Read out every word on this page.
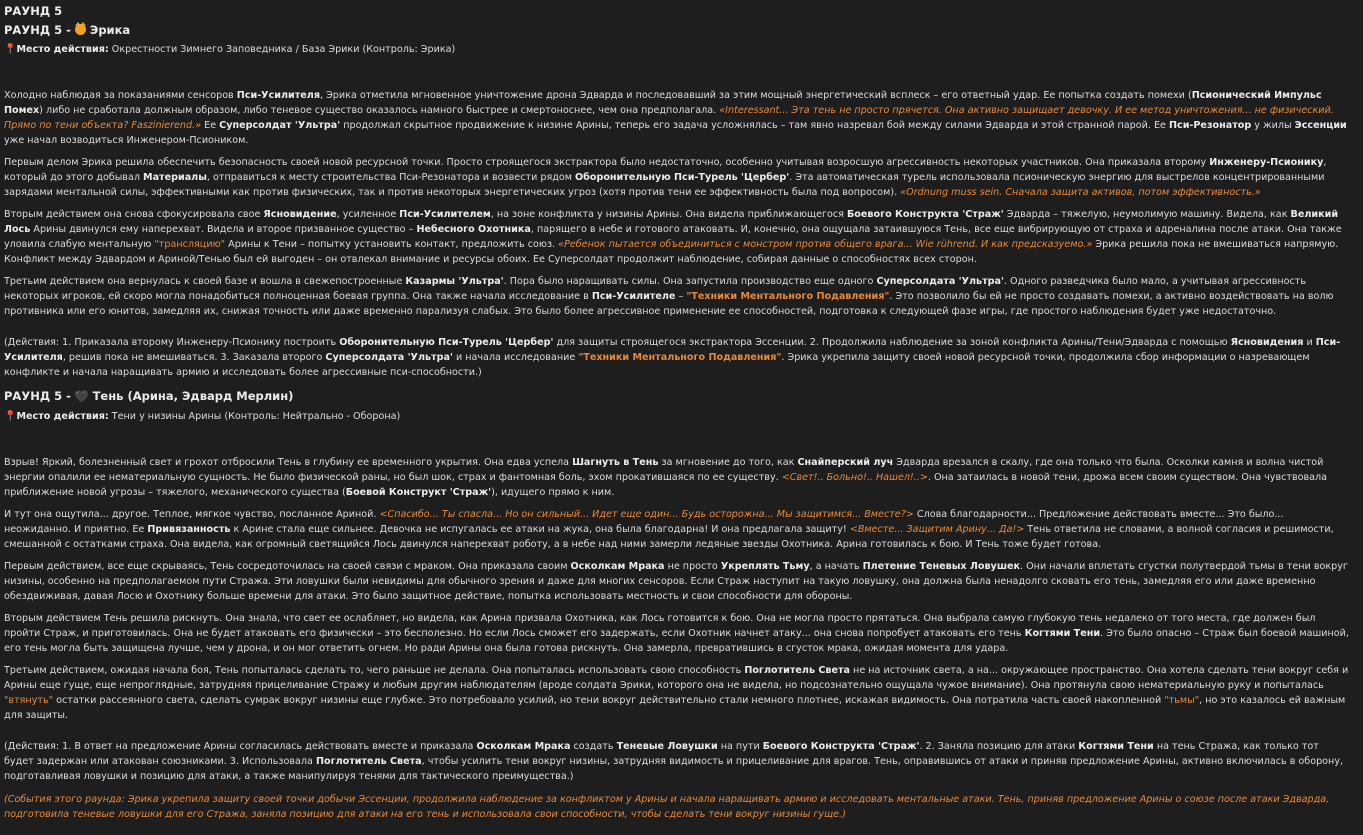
РАУНД 5
РАУНД 5 - Эрика
📍Место действия: Окрестности Зимнего Заповедника / База Эрики (Контроль: Эрика)

Холодно наблюдая за показаниями сенсоров Пси-Усилителя, Эрика отметила мгновенное уничтожение дрона Эдварда и последовавший за этим мощный энергетический всплеск – его ответный удар. Ее попытка создать помехи (Псионический Импульс Помех) либо не сработала должным образом, либо теневое существо оказалось намного быстрее и смертоноснее, чем она предполагала. «Interessant... Эта тень не просто прячется. Она активно защищает девочку. И ее метод уничтожения... не физический. Прямо по тени объекта? Faszinierend.» Ее Суперсолдат 'Ультра' продолжал скрытное продвижение к низине Арины, теперь его задача усложнялась – там явно назревал бой между силами Эдварда и этой странной парой. Ее Пси-Резонатор у жилы Эссенции уже начал возводиться Инженером-Псиоником.

Первым делом Эрика решила обеспечить безопасность своей новой ресурсной точки. Просто строящегося экстрактора было недостаточно, особенно учитывая возросшую агрессивность некоторых участников. Она приказала второму Инженеру-Псионику, который до этого добывал Материалы, отправиться к месту строительства Пси-Резонатора и возвести рядом Оборонительную Пси-Турель 'Цербер'. Эта автоматическая турель использовала псионическую энергию для выстрелов концентрированными зарядами ментальной силы, эффективными как против физических, так и против некоторых энергетических угроз (хотя против тени ее эффективность была под вопросом). «Ordnung muss sein. Сначала защита активов, потом эффективность.»

Вторым действием она снова сфокусировала свое Ясновидение, усиленное Пси-Усилителем, на зоне конфликта у низины Арины. Она видела приближающегося Боевого Конструкта 'Страж' Эдварда – тяжелую, неумолимую машину. Видела, как Великий Лось Арины двинулся ему наперехват. Видела и второе призванное существо – Небесного Охотника, парящего в небе и готового атаковать. И, конечно, она ощущала затаившуюся Тень, все еще вибрирующую от страха и адреналина после атаки. Она также уловила слабую ментальную "трансляцию" Арины к Тени – попытку установить контакт, предложить союз. «Ребенок пытается объединиться с монстром против общего врага... Wie rührend. И как предсказуемо.» Эрика решила пока не вмешиваться напрямую. Конфликт между Эдвардом и Ариной/Тенью был ей выгоден – он отвлекал внимание и ресурсы обоих. Ее Суперсолдат продолжит наблюдение, собирая данные о способностях всех сторон.

Третьим действием она вернулась к своей базе и вошла в свежепостроенные Казармы 'Ультра'. Пора было наращивать силы. Она запустила производство еще одного Суперсолдата 'Ультра'. Одного разведчика было мало, а учитывая агрессивность некоторых игроков, ей скоро могла понадобиться полноценная боевая группа. Она также начала исследование в Пси-Усилителе – "Техники Ментального Подавления". Это позволило бы ей не просто создавать помехи, а активно воздействовать на волю противника или его юнитов, замедляя их, снижая точность или даже временно парализуя слабых. Это было более агрессивное применение ее способностей, подготовка к следующей фазе игры, где простого наблюдения будет уже недостаточно.

(Действия: 1. Приказала второму Инженеру-Псионику построить Оборонительную Пси-Турель 'Цербер' для защиты строящегося экстрактора Эссенции. 2. Продолжила наблюдение за зоной конфликта Арины/Тени/Эдварда с помощью Ясновидения и Пси-Усилителя, решив пока не вмешиваться. 3. Заказала второго Суперсолдата 'Ультра' и начала исследование "Техники Ментального Подавления". Эрика укрепила защиту своей новой ресурсной точки, продолжила сбор информации о назревающем конфликте и начала наращивать армию и исследовать более агрессивные пси-способности.)

РАУНД 5 - 🖤 Тень (Арина, Эдвард Мерлин)
📍Место действия: Тени у низины Арины (Контроль: Нейтрально - Оборона)

Взрыв! Яркий, болезненный свет и грохот отбросили Тень в глубину ее временного укрытия. Она едва успела Шагнуть в Тень за мгновение до того, как Снайперский луч Эдварда врезался в скалу, где она только что была. Осколки камня и волна чистой энергии опалили ее нематериальную сущность. Не было физической раны, но был шок, страх и фантомная боль, эхом прокатившаяся по ее существу. <Свет!.. Больно!.. Нашел!..>. Она затаилась в новой тени, дрожа всем своим существом. Она чувствовала приближение новой угрозы – тяжелого, механического существа (Боевой Конструкт 'Страж'), идущего прямо к ним.

И тут она ощутила... другое. Теплое, мягкое чувство, посланное Ариной. <Спасибо... Ты спасла... Но он сильный... Идет еще один... Будь осторожна... Мы защитимся... Вместе?> Слова благодарности... Предложение действовать вместе... Это было... неожиданно. И приятно. Ее Привязанность к Арине стала еще сильнее. Девочка не испугалась ее атаки на жука, она была благодарна! И она предлагала защиту! <Вместе... Защитим Арину... Да!> Тень ответила не словами, а волной согласия и решимости, смешанной с остатками страха. Она видела, как огромный светящийся Лось двинулся наперехват роботу, а в небе над ними замерли ледяные звезды Охотника. Арина готовилась к бою. И Тень тоже будет готова.

Первым действием, все еще скрываясь, Тень сосредоточилась на своей связи с мраком. Она приказала своим Осколкам Мрака не просто Укреплять Тьму, а начать Плетение Теневых Ловушек. Они начали вплетать сгустки полутвердой тьмы в тени вокруг низины, особенно на предполагаемом пути Стража. Эти ловушки были невидимы для обычного зрения и даже для многих сенсоров. Если Страж наступит на такую ловушку, она должна была ненадолго сковать его тень, замедляя его или даже временно обездвиживая, давая Лосю и Охотнику больше времени для атаки. Это было защитное действие, попытка использовать местность и свои способности для обороны.

Вторым действием Тень решила рискнуть. Она знала, что свет ее ослабляет, но видела, как Арина призвала Охотника, как Лось готовится к бою. Она не могла просто прятаться. Она выбрала самую глубокую тень недалеко от того места, где должен был пройти Страж, и приготовилась. Она не будет атаковать его физически – это бесполезно. Но если Лось сможет его задержать, если Охотник начнет атаку... она снова попробует атаковать его тень Когтями Тени. Это было опасно – Страж был боевой машиной, его тень могла быть защищена лучше, чем у дрона, и он мог ответить огнем. Но ради Арины она была готова рискнуть. Она замерла, превратившись в сгусток мрака, ожидая момента для удара.

Третьим действием, ожидая начала боя, Тень попыталась сделать то, чего раньше не делала. Она попыталась использовать свою способность Поглотитель Света не на источник света, а на... окружающее пространство. Она хотела сделать тени вокруг себя и Арины еще гуще, еще непроглядные, затрудняя прицеливание Стражу и любым другим наблюдателям (вроде солдата Эрики, которого она не видела, но подсознательно ощущала чужое внимание). Она протянула свою нематериальную руку и попыталась "втянуть" остатки рассеянного света, сделать сумрак вокруг низины еще глубже. Это потребовало усилий, но тени вокруг действительно стали немного плотнее, искажая видимость. Она потратила часть своей накопленной "тьмы", но это казалось ей важным для защиты.

(Действия: 1. В ответ на предложение Арины согласилась действовать вместе и приказала Осколкам Мрака создать Теневые Ловушки на пути Боевого Конструкта 'Страж'. 2. Заняла позицию для атаки Когтями Тени на тень Стража, как только тот будет задержан или атакован союзниками. 3. Использовала Поглотитель Света, чтобы усилить тени вокруг низины, затрудняя видимость и прицеливание для врагов. Тень, оправившись от атаки и приняв предложение Арины, активно включилась в оборону, подготавливая ловушки и позицию для атаки, а также манипулируя тенями для тактического преимущества.)

(События этого раунда: Эрика укрепила защиту своей точки добычи Эссенции, продолжила наблюдение за конфликтом у Арины и начала наращивать армию и исследовать ментальные атаки. Тень, приняв предложение Арины о союзе после атаки Эдварда, подготовила теневые ловушки для его Стража, заняла позицию для атаки на его тень и использовала свои способности, чтобы сделать тени вокруг низины гуще.)
